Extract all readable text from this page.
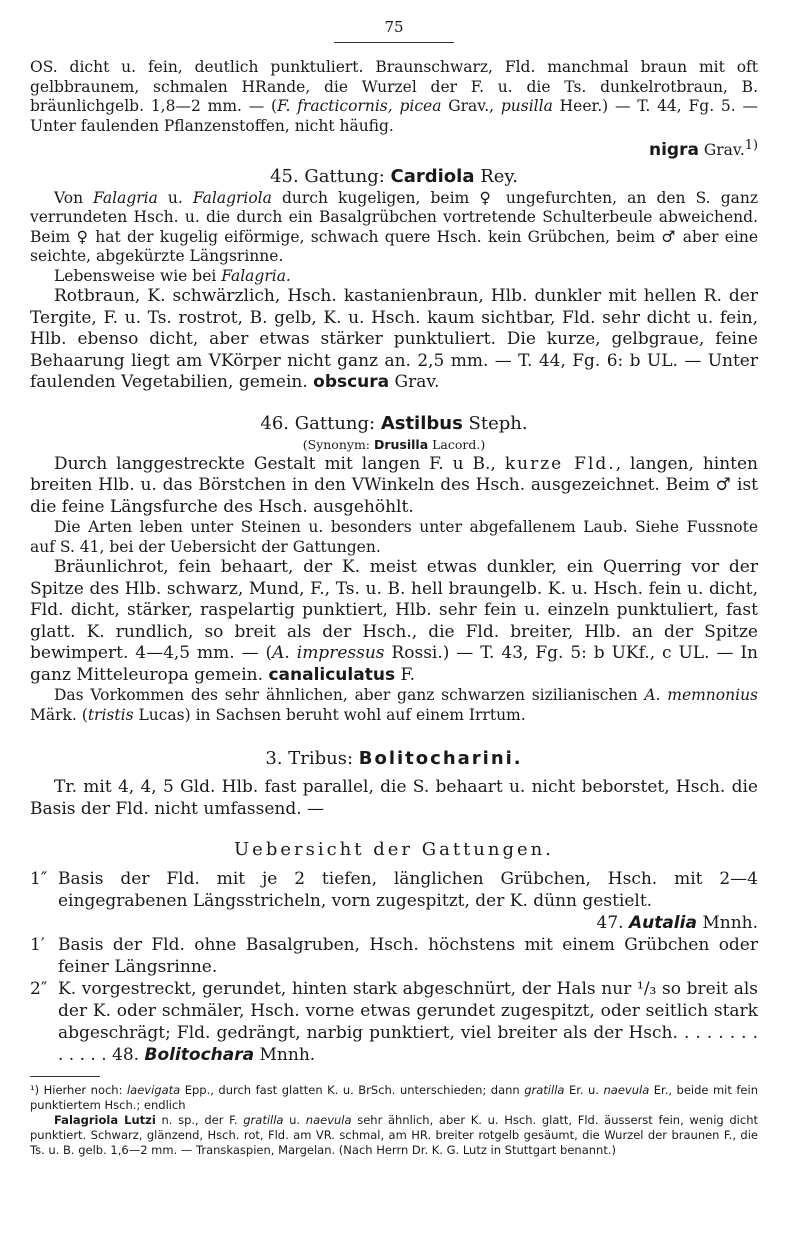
75

OS. dicht u. fein, deutlich punktuliert. Braunschwarz, Fld. manchmal braun mit oft gelbbraunem, schmalen HRande, die Wurzel der F. u. die Ts. dunkelrotbraun, B. bräunlichgelb. 1,8—2 mm. — (F. fracticornis, picea Grav., pusilla Heer.) — T. 44, Fg. 5. — Unter faulenden Pflanzenstoffen, nicht häufig.

nigra Grav.$^{1)}$

45. Gattung: Cardiola Rey.

Von Falagria u. Falagriola durch kugeligen, beim ♀ ungefurchten, an den S. ganz verrundeten Hsch. u. die durch ein Basalgrübchen vortretende Schulterbeule abweichend. Beim ♀ hat der kugelig eiförmige, schwach quere Hsch. kein Grübchen, beim ♂ aber eine seichte, abgekürzte Längsrinne.

Lebensweise wie bei Falagria.

Rotbraun, K. schwärzlich, Hsch. kastanienbraun, Hlb. dunkler mit hellen R. der Tergite, F. u. Ts. rostrot, B. gelb, K. u. Hsch. kaum sichtbar, Fld. sehr dicht u. fein, Hlb. ebenso dicht, aber etwas stärker punktuliert. Die kurze, gelbgraue, feine Behaarung liegt am VKörper nicht ganz an. 2,5 mm. — T. 44, Fg. 6: b UL. — Unter faulenden Vegetabilien, gemein. obscura Grav.

46. Gattung: Astilbus Steph.

(Synonym: Drusilla Lacord.)

Durch langgestreckte Gestalt mit langen F. u B., kurze Fld., langen, hinten breiten Hlb. u. das Börstchen in den VWinkeln des Hsch. ausgezeichnet. Beim ♂ ist die feine Längsfurche des Hsch. ausgehöhlt.

Die Arten leben unter Steinen u. besonders unter abgefallenem Laub. Siehe Fussnote auf S. 41, bei der Uebersicht der Gattungen.

Bräunlichrot, fein behaart, der K. meist etwas dunkler, ein Querring vor der Spitze des Hlb. schwarz, Mund, F., Ts. u. B. hell braungelb. K. u. Hsch. fein u. dicht, Fld. dicht, stärker, raspelartig punktiert, Hlb. sehr fein u. einzeln punktuliert, fast glatt. K. rundlich, so breit als der Hsch., die Fld. breiter, Hlb. an der Spitze bewimpert. 4—4,5 mm. — (A. impressus Rossi.) — T. 43, Fg. 5: b UKf., c UL. — In ganz Mitteleuropa gemein. canaliculatus F.

Das Vorkommen des sehr ähnlichen, aber ganz schwarzen sizilianischen A. memnonius Märk. (tristis Lucas) in Sachsen beruht wohl auf einem Irrtum.

3. Tribus: Bolitocharini.

Tr. mit 4, 4, 5 Gld. Hlb. fast parallel, die S. behaart u. nicht beborstet, Hsch. die Basis der Fld. nicht umfassend. —

Uebersicht der Gattungen.

1″ Basis der Fld. mit je 2 tiefen, länglichen Grübchen, Hsch. mit 2—4 eingegrabenen Längsstricheln, vorn zugespitzt, der K. dünn gestielt.

47. Autalia Mnnh.

1′ Basis der Fld. ohne Basalgruben, Hsch. höchstens mit einem Grübchen oder feiner Längsrinne.
2″ K. vorgestreckt, gerundet, hinten stark abgeschnürt, der Hals nur ¹/₃ so breit als der K. oder schmäler, Hsch. vorne etwas gerundet zugespitzt, oder seitlich stark abgeschrägt; Fld. gedrängt, narbig punktiert, viel breiter als der Hsch. . . . . . . . . . . . . 48. Bolitochara Mnnh.

¹) Hierher noch: laevigata Epp., durch fast glatten K. u. BrSch. unterschieden; dann gratilla Er. u. naevula Er., beide mit fein punktiertem Hsch.; endlich
Falagriola Lutzi n. sp., der F. gratilla u. naevula sehr ähnlich, aber K. u. Hsch. glatt, Fld. äusserst fein, wenig dicht punktiert. Schwarz, glänzend, Hsch. rot, Fld. am VR. schmal, am HR. breiter rotgelb gesäumt, die Wurzel der braunen F., die Ts. u. B. gelb. 1,6—2 mm. — Transkaspien, Margelan. (Nach Herrn Dr. K. G. Lutz in Stuttgart benannt.)
